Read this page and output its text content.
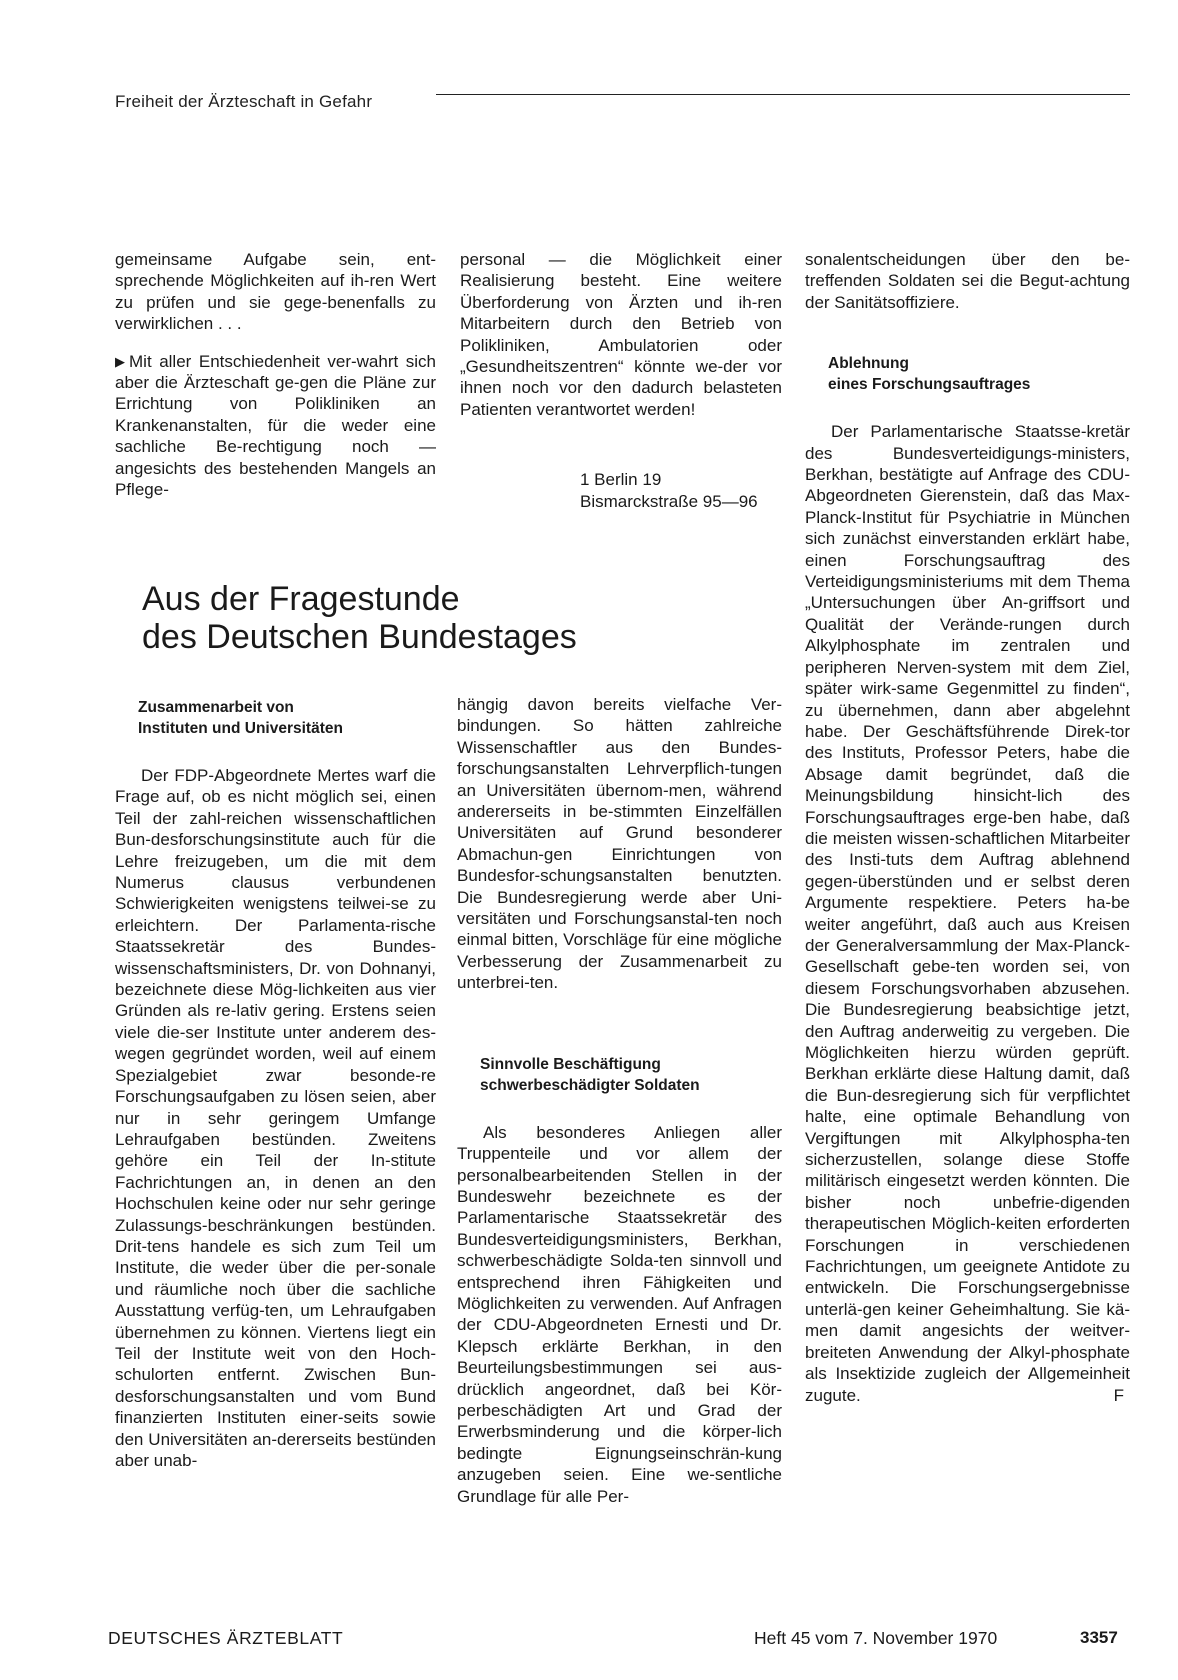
Freiheit der Ärzteschaft in Gefahr

gemeinsame Aufgabe sein, ent-sprechende Möglichkeiten auf ih-ren Wert zu prüfen und sie gege-benenfalls zu verwirklichen . . .

▶ Mit aller Entschiedenheit ver-wahrt sich aber die Ärzteschaft ge-gen die Pläne zur Errichtung von Polikliniken an Krankenanstalten, für die weder eine sachliche Be-rechtigung noch — angesichts des bestehenden Mangels an Pflege-

personal — die Möglichkeit einer Realisierung besteht. Eine weitere Überforderung von Ärzten und ih-ren Mitarbeitern durch den Betrieb von Polikliniken, Ambulatorien oder „Gesundheitszentren“ könnte we-der vor ihnen noch vor den dadurch belasteten Patienten verantwortet werden!

1 Berlin 19
Bismarckstraße 95—96
Aus der Fragestunde
des Deutschen Bundestages
Zusammenarbeit von
Instituten und Universitäten

Der FDP-Abgeordnete Mertes warf die Frage auf, ob es nicht möglich sei, einen Teil der zahl-reichen wissenschaftlichen Bun-desforschungsinstitute auch für die Lehre freizugeben, um die mit dem Numerus clausus verbundenen Schwierigkeiten wenigstens teilwei-se zu erleichtern. Der Parlamenta-rische Staatssekretär des Bundes-wissenschaftsministers, Dr. von Dohnanyi, bezeichnete diese Mög-lichkeiten aus vier Gründen als re-lativ gering. Erstens seien viele die-ser Institute unter anderem des-wegen gegründet worden, weil auf einem Spezialgebiet zwar besonde-re Forschungsaufgaben zu lösen seien, aber nur in sehr geringem Umfange Lehraufgaben bestünden. Zweitens gehöre ein Teil der In-stitute Fachrichtungen an, in denen an den Hochschulen keine oder nur sehr geringe Zulassungs-beschränkungen bestünden. Drit-tens handele es sich zum Teil um Institute, die weder über die per-sonale und räumliche noch über die sachliche Ausstattung verfüg-ten, um Lehraufgaben übernehmen zu können. Viertens liegt ein Teil der Institute weit von den Hoch-schulorten entfernt. Zwischen Bun-desforschungsanstalten und vom Bund finanzierten Instituten einer-seits sowie den Universitäten an-dererseits bestünden aber unab-

hängig davon bereits vielfache Ver-bindungen. So hätten zahlreiche Wissenschaftler aus den Bundes-forschungsanstalten Lehrverpflich-tungen an Universitäten übernom-men, während andererseits in be-stimmten Einzelfällen Universitäten auf Grund besonderer Abmachun-gen Einrichtungen von Bundesfor-schungsanstalten benutzten. Die Bundesregierung werde aber Uni-versitäten und Forschungsanstal-ten noch einmal bitten, Vorschläge für eine mögliche Verbesserung der Zusammenarbeit zu unterbrei-ten.

Sinnvolle Beschäftigung
schwerbeschädigter Soldaten

Als besonderes Anliegen aller Truppenteile und vor allem der personalbearbeitenden Stellen in der Bundeswehr bezeichnete es der Parlamentarische Staatssekretär des Bundesverteidigungsministers, Berkhan, schwerbeschädigte Solda-ten sinnvoll und entsprechend ihren Fähigkeiten und Möglichkeiten zu verwenden. Auf Anfragen der CDU-Abgeordneten Ernesti und Dr. Klepsch erklärte Berkhan, in den Beurteilungsbestimmungen sei aus-drücklich angeordnet, daß bei Kör-perbeschädigten Art und Grad der Erwerbsminderung und die körper-lich bedingte Eignungseinschrän-kung anzugeben seien. Eine we-sentliche Grundlage für alle Per-

sonalentscheidungen über den be-treffenden Soldaten sei die Begut-achtung der Sanitätsoffiziere.

Ablehnung
eines Forschungsauftrages

Der Parlamentarische Staatsse-kretär des Bundesverteidigungs-ministers, Berkhan, bestätigte auf Anfrage des CDU-Abgeordneten Gierenstein, daß das Max-Planck-Institut für Psychiatrie in München sich zunächst einverstanden erklärt habe, einen Forschungsauftrag des Verteidigungsministeriums mit dem Thema „Untersuchungen über An-griffsort und Qualität der Verände-rungen durch Alkylphosphate im zentralen und peripheren Nerven-system mit dem Ziel, später wirk-same Gegenmittel zu finden“, zu übernehmen, dann aber abgelehnt habe. Der Geschäftsführende Direk-tor des Instituts, Professor Peters, habe die Absage damit begründet, daß die Meinungsbildung hinsicht-lich des Forschungsauftrages erge-ben habe, daß die meisten wissen-schaftlichen Mitarbeiter des Insti-tuts dem Auftrag ablehnend gegen-überstünden und er selbst deren Argumente respektiere. Peters ha-be weiter angeführt, daß auch aus Kreisen der Generalversammlung der Max-Planck-Gesellschaft gebe-ten worden sei, von diesem Forschungsvorhaben abzusehen. Die Bundesregierung beabsichtige jetzt, den Auftrag anderweitig zu vergeben. Die Möglichkeiten hierzu würden geprüft. Berkhan erklärte diese Haltung damit, daß die Bun-desregierung sich für verpflichtet halte, eine optimale Behandlung von Vergiftungen mit Alkylphospha-ten sicherzustellen, solange diese Stoffe militärisch eingesetzt werden könnten. Die bisher noch unbefrie-digenden therapeutischen Möglich-keiten erforderten Forschungen in verschiedenen Fachrichtungen, um geeignete Antidote zu entwickeln. Die Forschungsergebnisse unterlä-gen keiner Geheimhaltung. Sie kä-men damit angesichts der weitver-breiteten Anwendung der Alkyl-phosphate als Insektizide zugleich der Allgemeinheit zugute.	F

DEUTSCHES ÄRZTEBLATT	Heft 45 vom 7. November 1970	3357
